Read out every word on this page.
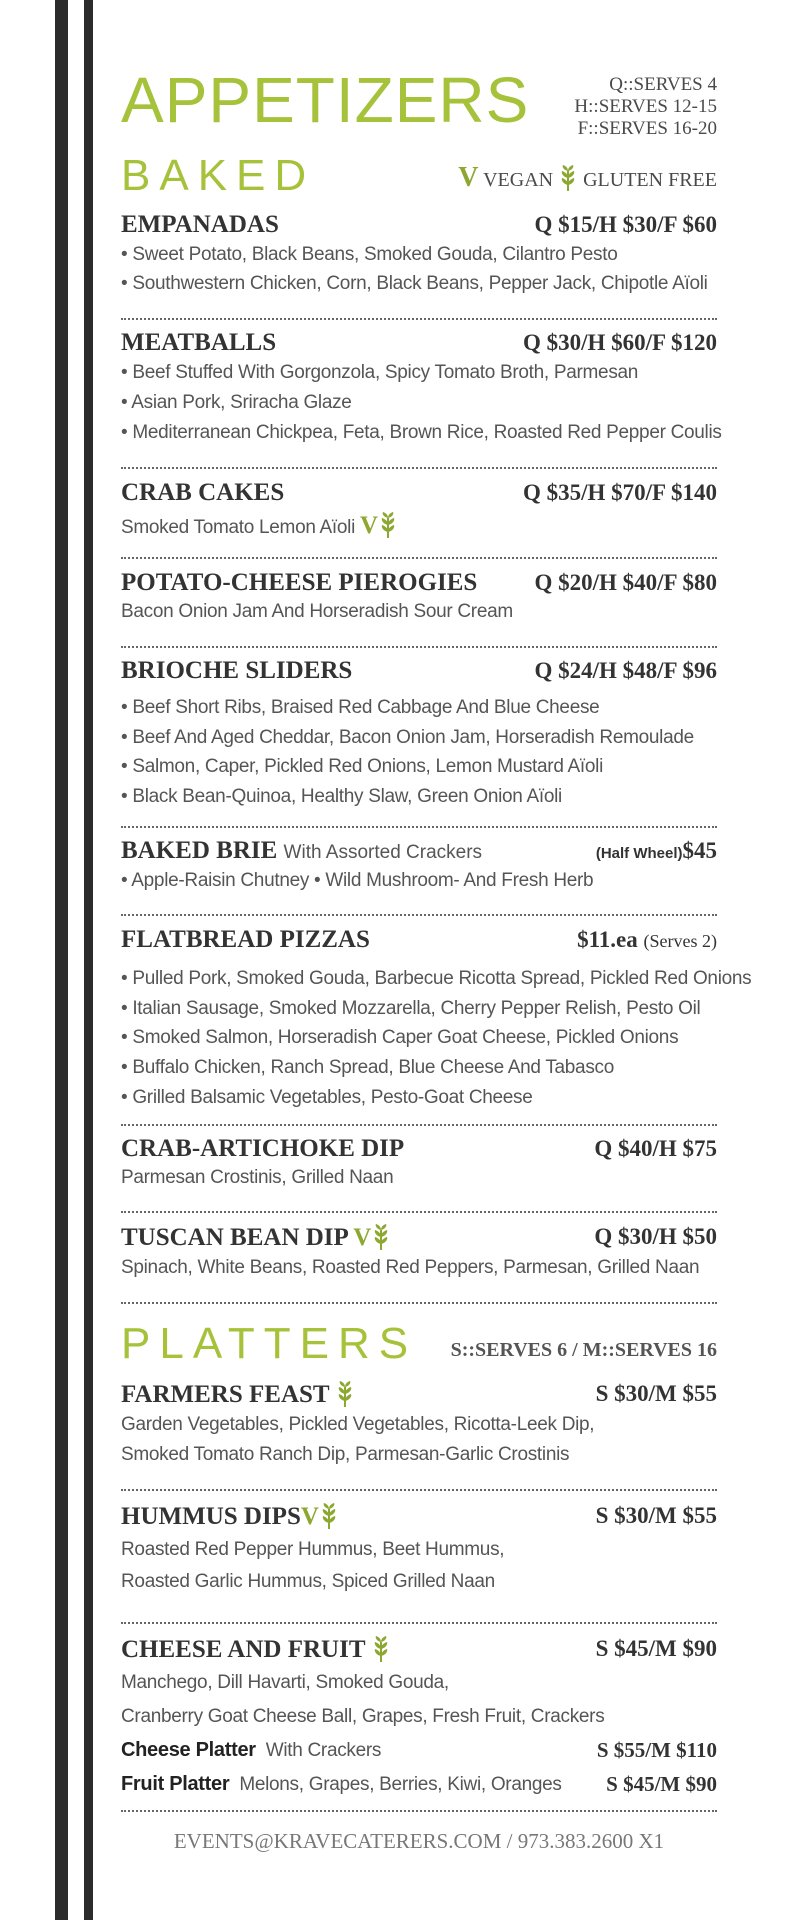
APPETIZERS	Q::SERVES 4
H::SERVES 12-15
F::SERVES 16-20
BAKED	V VEGAN GLUTEN FREE
EMPANADAS	Q $15/H $30/F $60
• Sweet Potato, Black Beans, Smoked Gouda, Cilantro Pesto
• Southwestern Chicken, Corn, Black Beans, Pepper Jack, Chipotle Aïoli
MEATBALLS	Q $30/H $60/F $120
• Beef Stuffed With Gorgonzola, Spicy Tomato Broth, Parmesan
• Asian Pork, Sriracha Glaze
• Mediterranean Chickpea, Feta, Brown Rice, Roasted Red Pepper Coulis
CRAB CAKES	Q $35/H $70/F $140
Smoked Tomato Lemon Aïoli V
POTATO-CHEESE PIEROGIES Q $20/H $40/F $80
Bacon Onion Jam And Horseradish Sour Cream
BRIOCHE SLIDERS	Q $24/H $48/F $96
• Beef Short Ribs, Braised Red Cabbage And Blue Cheese
• Beef And Aged Cheddar, Bacon Onion Jam, Horseradish Remoulade
• Salmon, Caper, Pickled Red Onions, Lemon Mustard Aïoli
• Black Bean-Quinoa, Healthy Slaw, Green Onion Aïoli
BAKED BRIE With Assorted Crackers	(Half Wheel)$45
• Apple-Raisin Chutney • Wild Mushroom- And Fresh Herb
FLATBREAD PIZZAS	$11.ea (Serves 2)
• Pulled Pork, Smoked Gouda, Barbecue Ricotta Spread, Pickled Red Onions
• Italian Sausage, Smoked Mozzarella, Cherry Pepper Relish, Pesto Oil
• Smoked Salmon, Horseradish Caper Goat Cheese, Pickled Onions
• Buffalo Chicken, Ranch Spread, Blue Cheese And Tabasco
• Grilled Balsamic Vegetables, Pesto-Goat Cheese
CRAB-ARTICHOKE DIP	Q $40/H $75
Parmesan Crostinis, Grilled Naan
TUSCAN BEAN DIP V	Q $30/H $50
Spinach, White Beans, Roasted Red Peppers, Parmesan, Grilled Naan
PLATTERS S::SERVES 6 / M::SERVES 16
FARMERS FEAST	S $30/M $55
Garden Vegetables, Pickled Vegetables, Ricotta-Leek Dip,
Smoked Tomato Ranch Dip, Parmesan-Garlic Crostinis
HUMMUS DIPSV	S $30/M $55
Roasted Red Pepper Hummus, Beet Hummus,
Roasted Garlic Hummus, Spiced Grilled Naan
CHEESE AND FRUIT	S $45/M $90
Manchego, Dill Havarti, Smoked Gouda,
Cranberry Goat Cheese Ball, Grapes, Fresh Fruit, Crackers
Cheese Platter With Crackers	S $55/M $110
Fruit Platter Melons, Grapes, Berries, Kiwi, Oranges S $45/M $90
EVENTS@KRAVECATERERS.COM / 973.383.2600 X1
